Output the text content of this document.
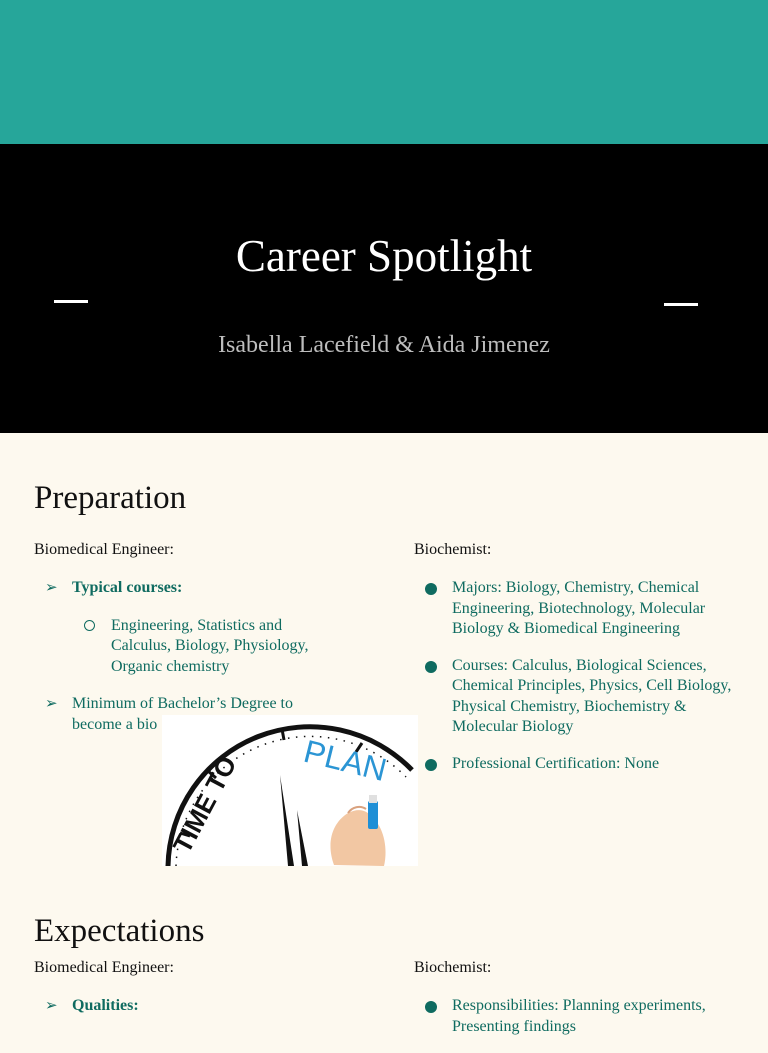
Career Spotlight
Isabella Lacefield & Aida Jimenez
Preparation
Biomedical Engineer:	Biochemist:
➢ Typical courses:
Engineering, Statistics and Calculus, Biology, Physiology, Organic chemistry
➢ Minimum of Bachelor’s Degree to become a bio
Majors: Biology, Chemistry, Chemical Engineering, Biotechnology, Molecular Biology & Biomedical Engineering
Courses: Calculus, Biological Sciences, Chemical Principles, Physics, Cell Biology, Physical Chemistry, Biochemistry & Molecular Biology
Professional Certification: None
TIME TO PLAN
Expectations
Biomedical Engineer:	Biochemist:
➢ Qualities:	Responsibilities: Planning experiments, Presenting findings
